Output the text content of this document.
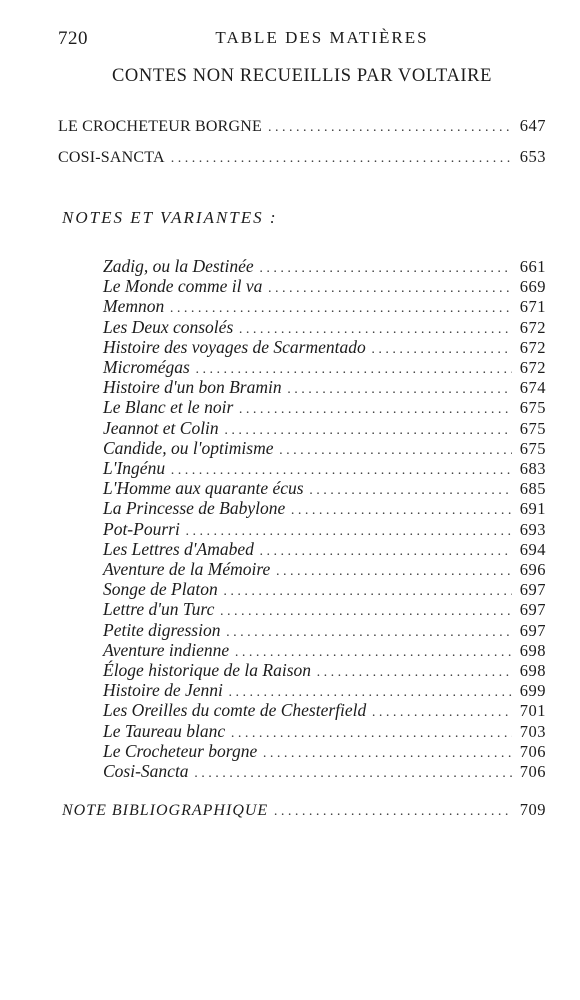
720	TABLE DES MATIÈRES
CONTES NON RECUEILLIS PAR VOLTAIRE
LE CROCHETEUR BORGNE . . .	647
COSI-SANCTA . . .	653
NOTES ET VARIANTES :
Zadig, ou la Destinée . . .	661
Le Monde comme il va . . .	669
Memnon . . .	671
Les Deux consolés . . .	672
Histoire des voyages de Scarmentado . . .	672
Micromégas . . .	672
Histoire d'un bon Bramin . . .	674
Le Blanc et le noir . . .	675
Jeannot et Colin . . .	675
Candide, ou l'optimisme . . .	675
L'Ingénu . . .	683
L'Homme aux quarante écus . . .	685
La Princesse de Babylone . . .	691
Pot-Pourri . . .	693
Les Lettres d'Amabed . . .	694
Aventure de la Mémoire . . .	696
Songe de Platon . . .	697
Lettre d'un Turc . . .	697
Petite digression . . .	697
Aventure indienne . . .	698
Éloge historique de la Raison . . .	698
Histoire de Jenni . . .	699
Les Oreilles du comte de Chesterfield . . .	701
Le Taureau blanc . . .	703
Le Crocheteur borgne . . .	706
Cosi-Sancta . . .	706
NOTE BIBLIOGRAPHIQUE . . .	709
